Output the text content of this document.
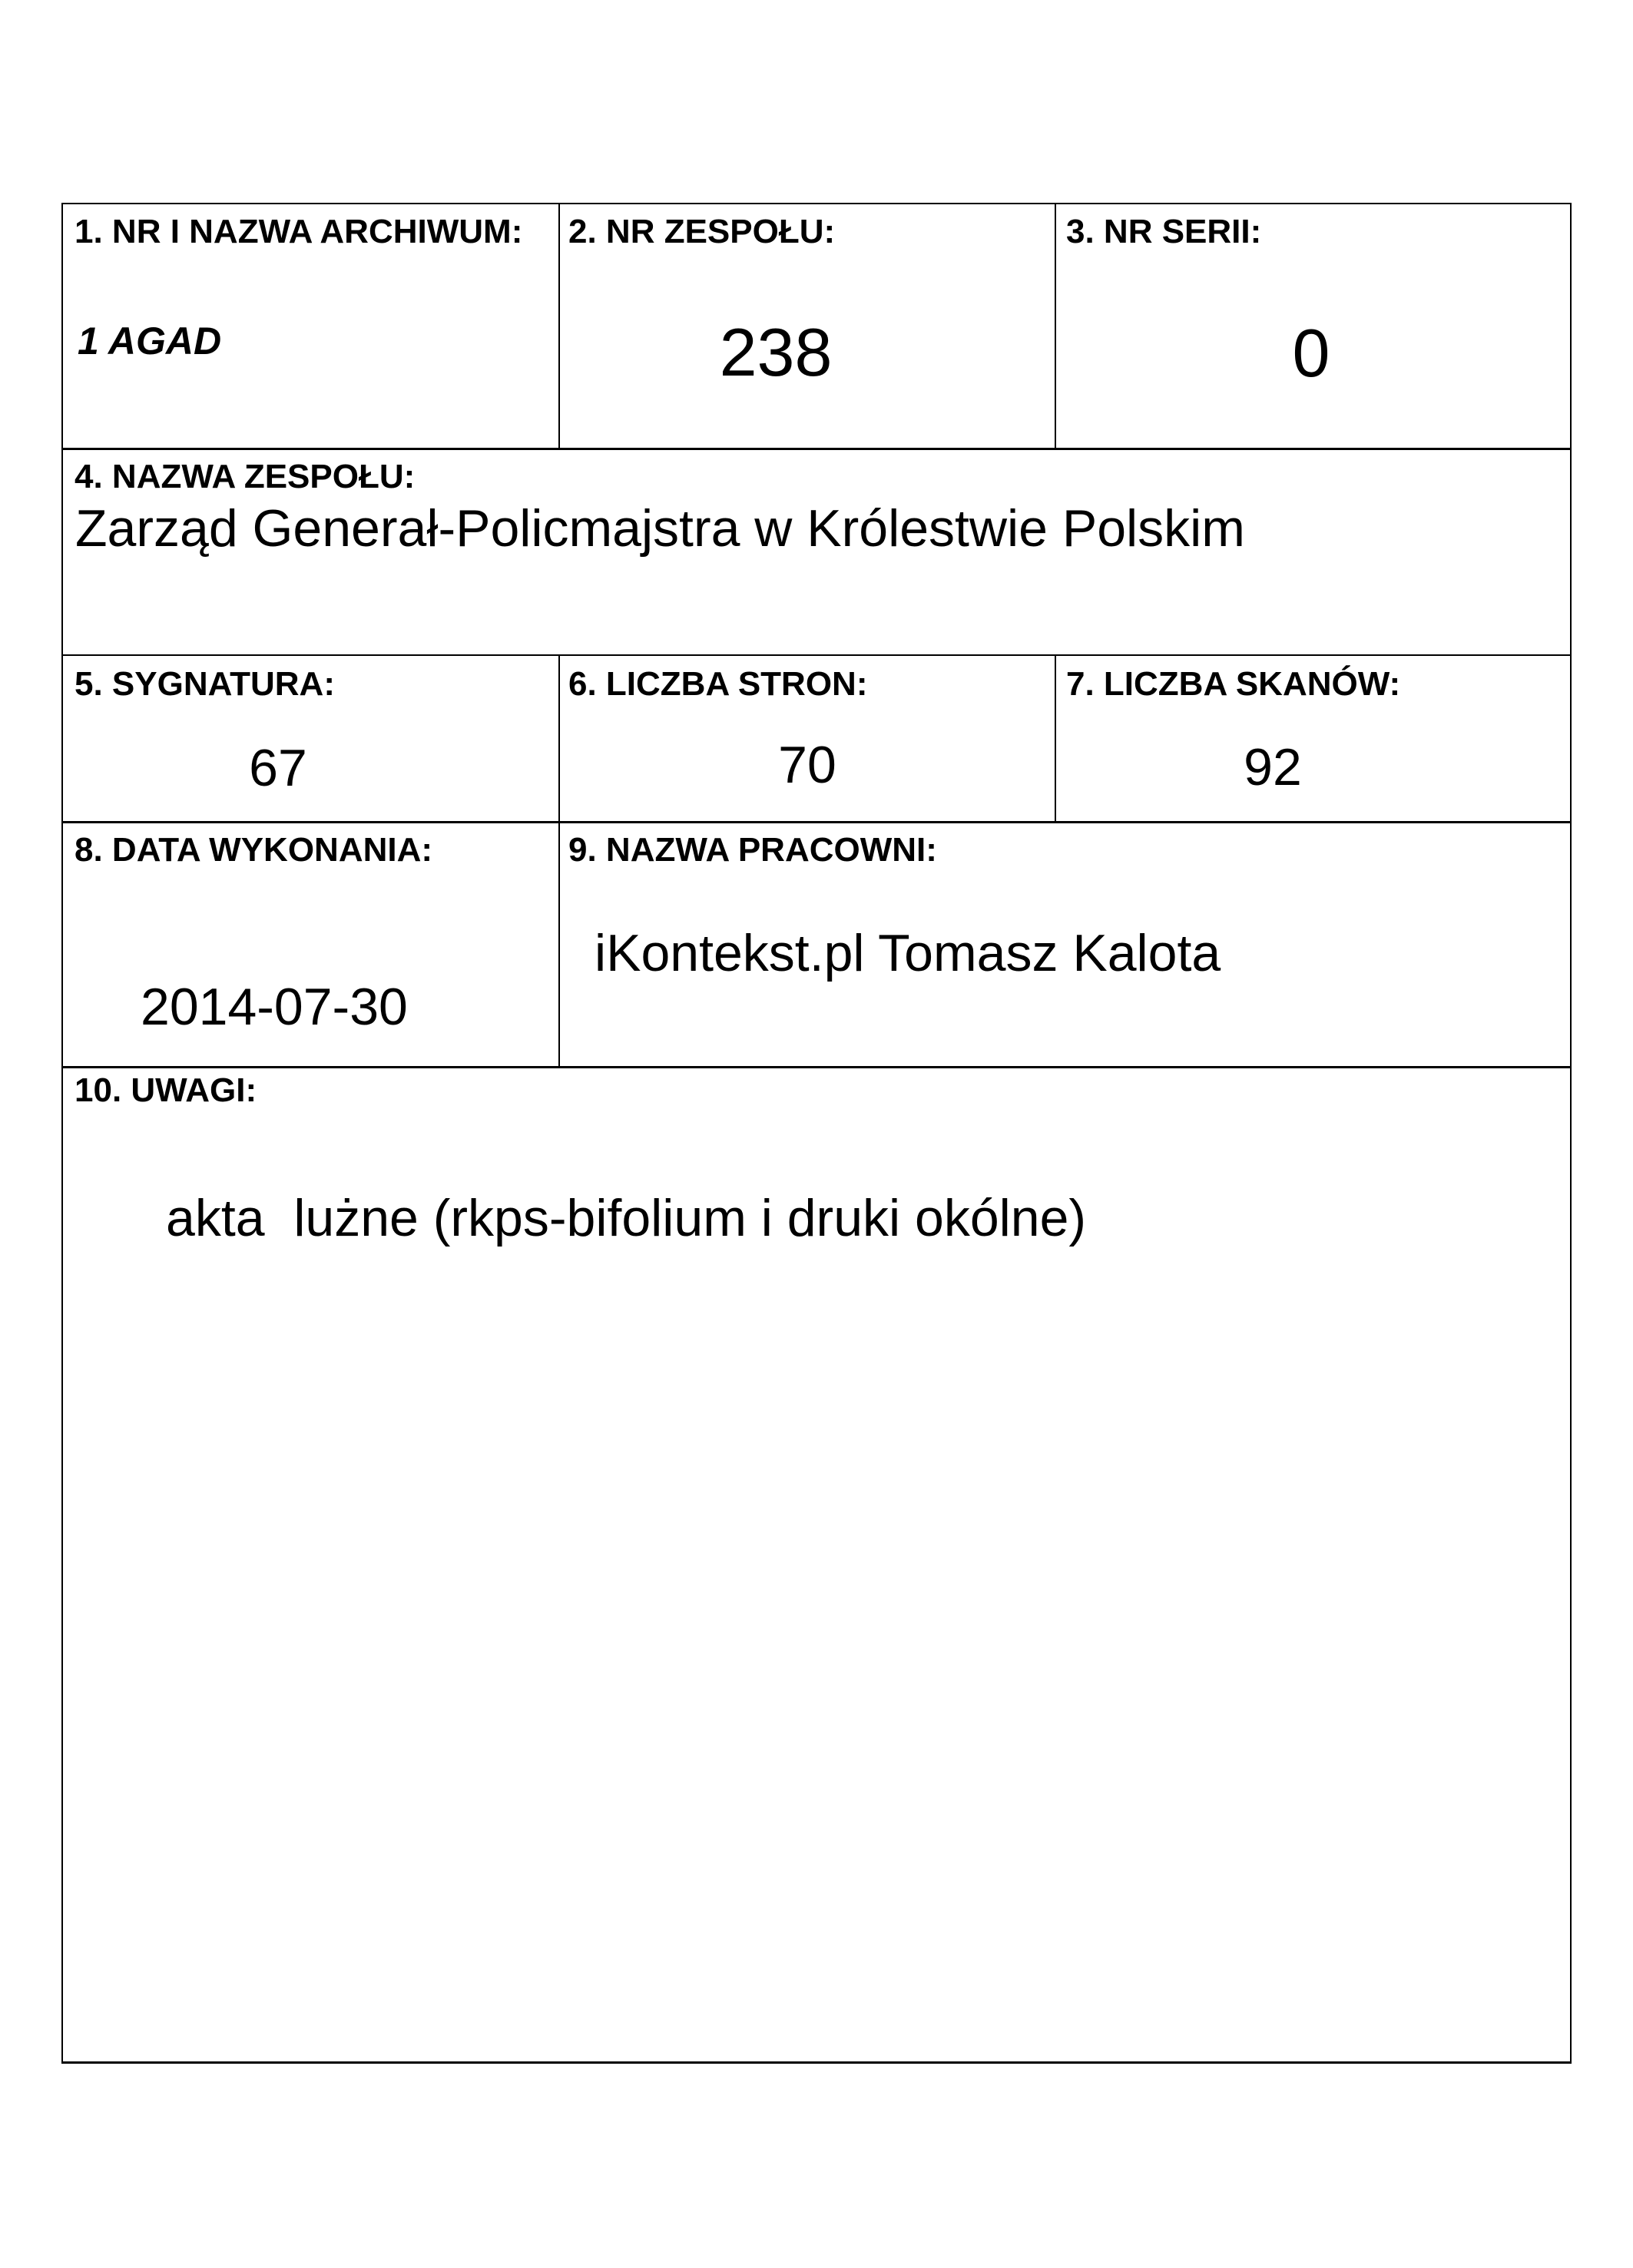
1. NR I NAZWA ARCHIWUM:
1 AGAD
2. NR ZESPOŁU:
238
3. NR SERII:
0
4. NAZWA ZESPOŁU:
Zarząd Generał-Policmajstra w Królestwie Polskim
5. SYGNATURA:
67
6. LICZBA STRON:
70
7. LICZBA SKANÓW:
92
8. DATA WYKONANIA:
2014-07-30
9. NAZWA PRACOWNI:
iKontekst.pl Tomasz Kalota
10. UWAGI:
akta  lużne (rkps-bifolium i druki okólne)
